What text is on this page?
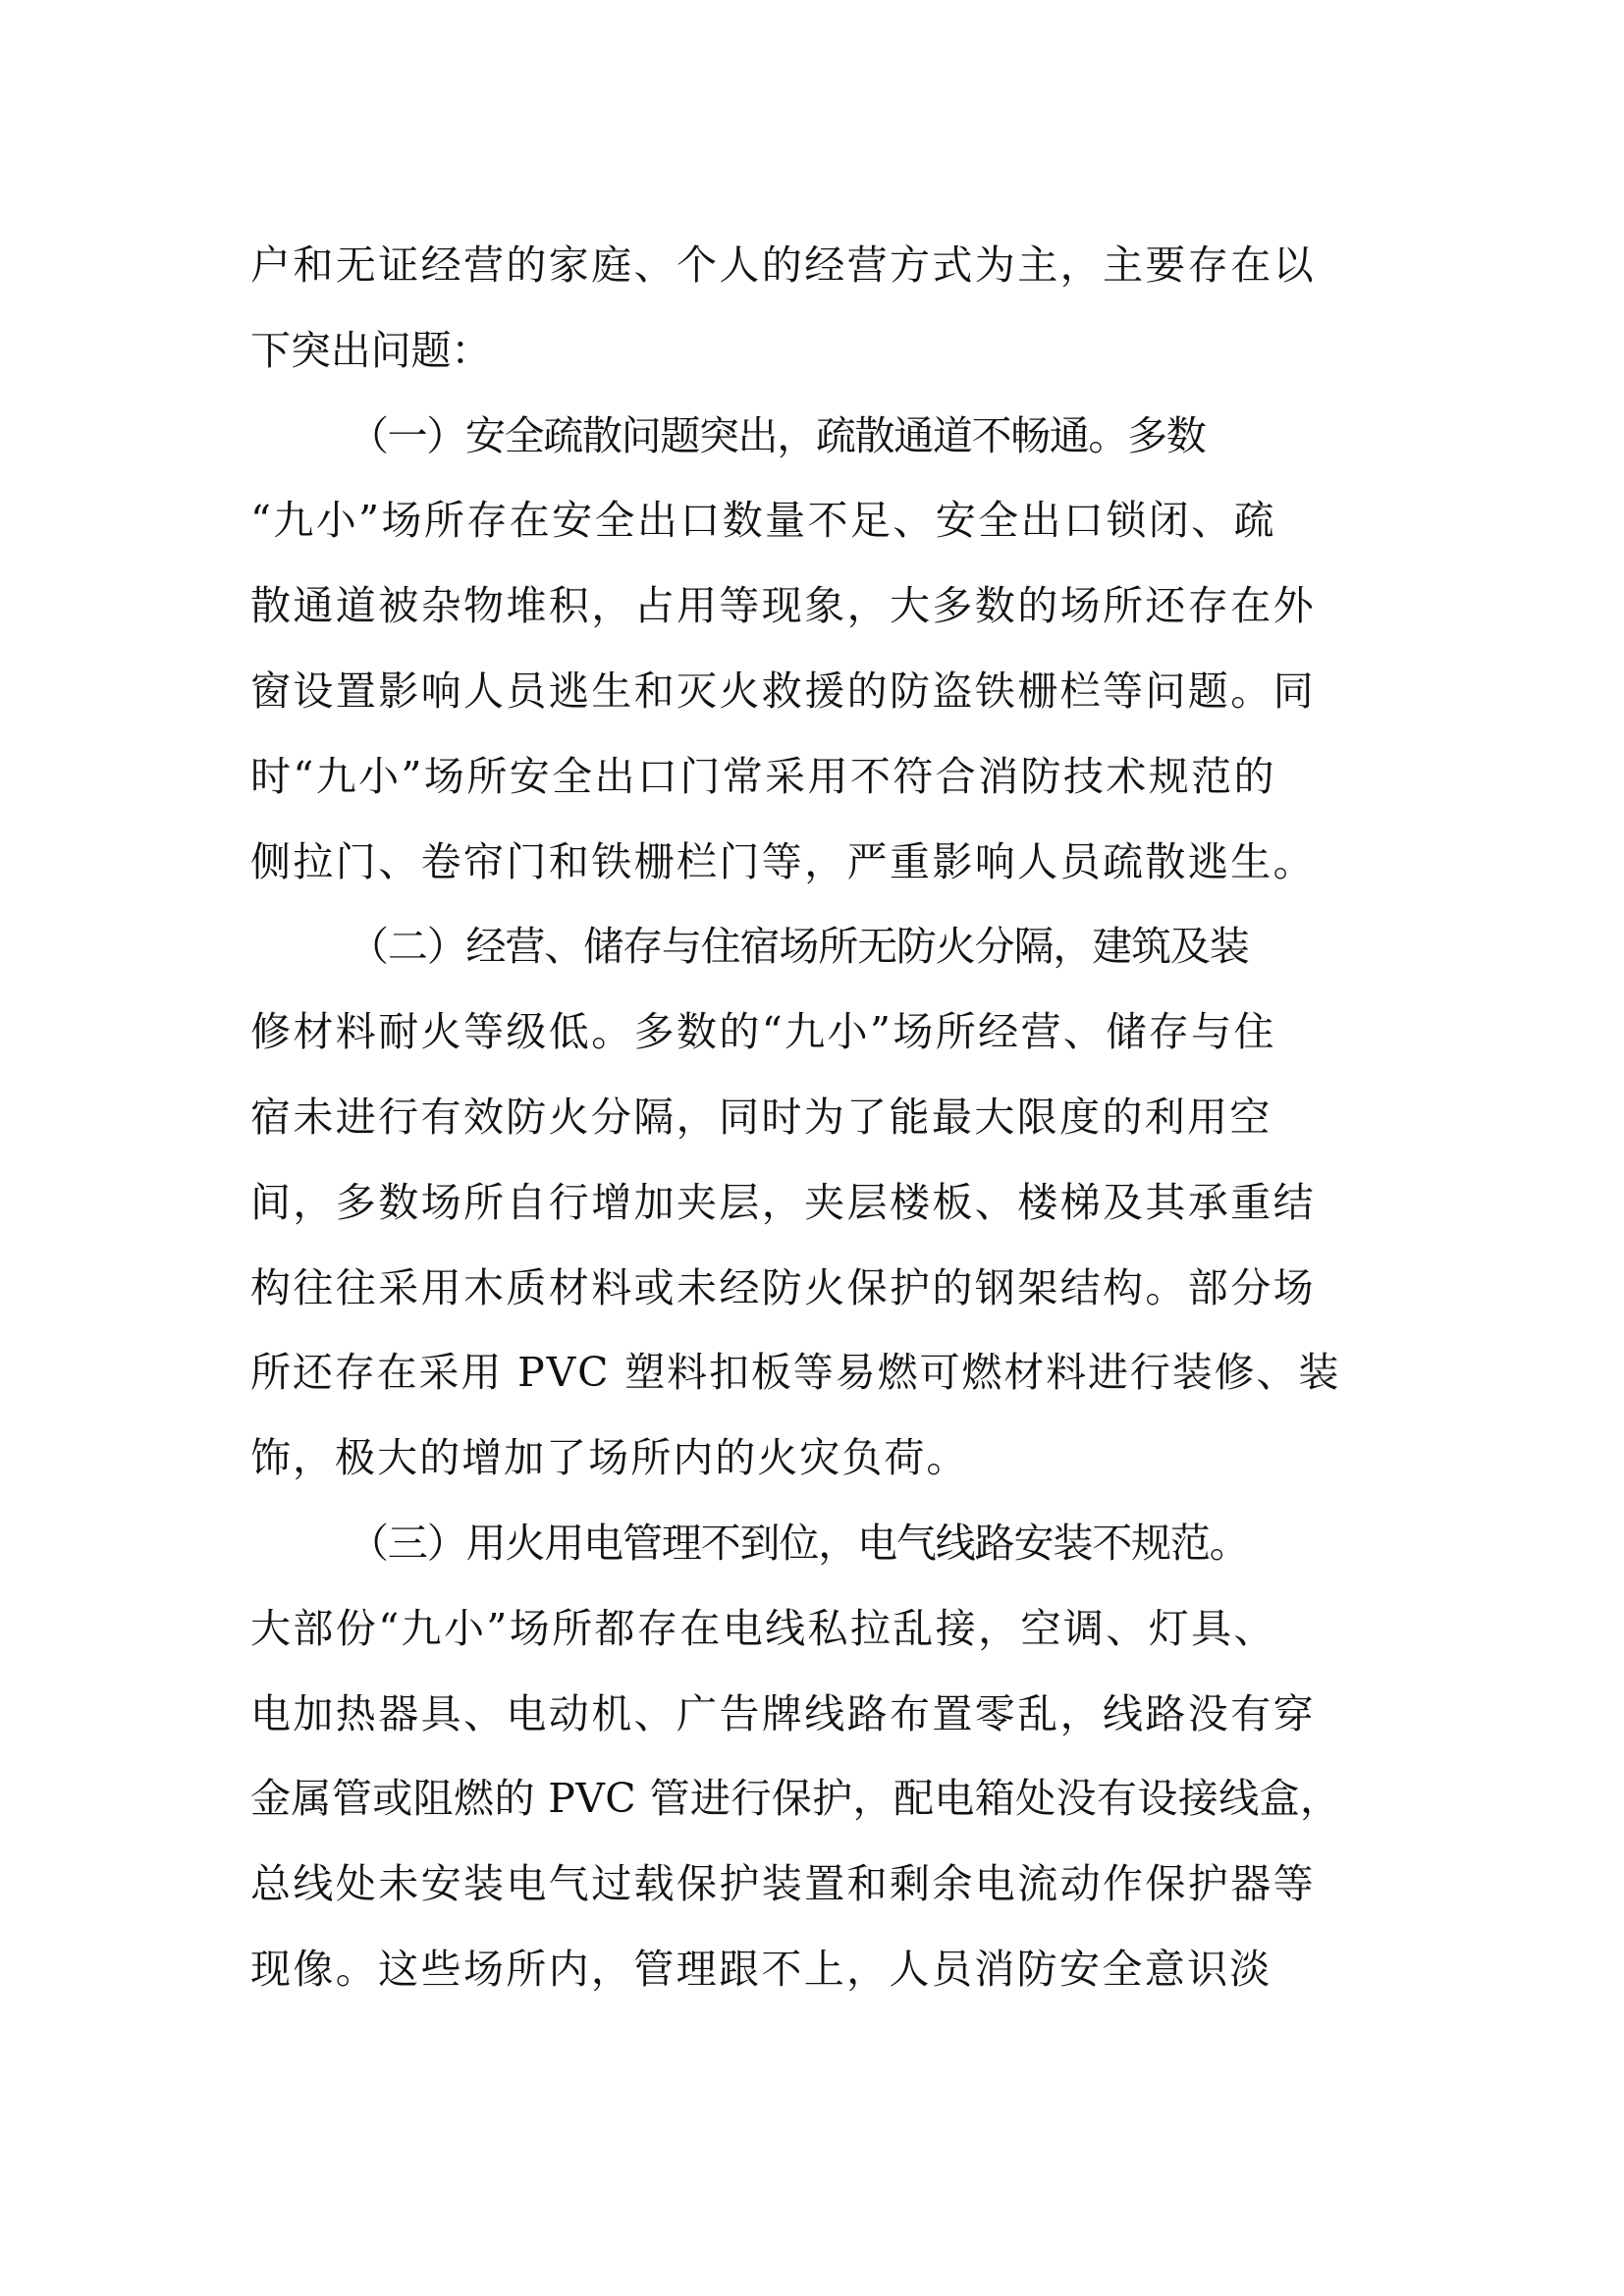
户和无证经营的家庭、个人的经营方式为主，主要存在以
下突出问题：
（一）安全疏散问题突出，疏散通道不畅通。多数
“九小”场所存在安全出口数量不足、安全出口锁闭、疏
散通道被杂物堆积，占用等现象，大多数的场所还存在外
窗设置影响人员逃生和灭火救援的防盗铁栅栏等问题。同
时“九小”场所安全出口门常采用不符合消防技术规范的
侧拉门、卷帘门和铁栅栏门等，严重影响人员疏散逃生。
（二）经营、储存与住宿场所无防火分隔，建筑及装
修材料耐火等级低。多数的“九小”场所经营、储存与住
宿未进行有效防火分隔，同时为了能最大限度的利用空
间，多数场所自行增加夹层，夹层楼板、楼梯及其承重结
构往往采用木质材料或未经防火保护的钢架结构。部分场
所还存在采用 PVC 塑料扣板等易燃可燃材料进行装修、装
饰，极大的增加了场所内的火灾负荷。
（三）用火用电管理不到位，电气线路安装不规范。
大部份“九小”场所都存在电线私拉乱接，空调、灯具、
电加热器具、电动机、广告牌线路布置零乱，线路没有穿
金属管或阻燃的 PVC 管进行保护，配电箱处没有设接线盒，
总线处未安装电气过载保护装置和剩余电流动作保护器等
现像。这些场所内，管理跟不上，人员消防安全意识淡
